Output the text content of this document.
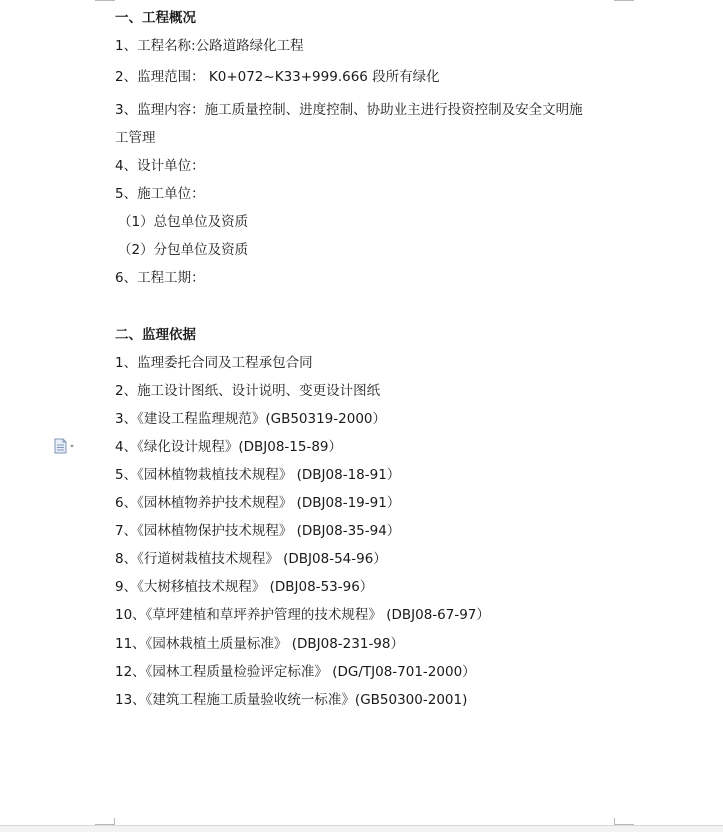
一、工程概况
1、工程名称:公路道路绿化工程
2、监理范围： K0+072~K33+999.666 段所有绿化
3、监理内容：施工质量控制、进度控制、协助业主进行投资控制及安全文明施
工管理
4、设计单位：
5、施工单位：
（1）总包单位及资质
（2）分包单位及资质
6、工程工期：
二、监理依据
1、监理委托合同及工程承包合同
2、施工设计图纸、设计说明、变更设计图纸
3、《建设工程监理规范》(GB50319-2000）
4、《绿化设计规程》(DBJ08-15-89）
5、《园林植物栽植技术规程》 (DBJ08-18-91）
6、《园林植物养护技术规程》 (DBJ08-19-91）
7、《园林植物保护技术规程》 (DBJ08-35-94）
8、《行道树栽植技术规程》 (DBJ08-54-96）
9、《大树移植技术规程》 (DBJ08-53-96）
10、《草坪建植和草坪养护管理的技术规程》 (DBJ08-67-97）
11、《园林栽植土质量标准》 (DBJ08-231-98）
12、《园林工程质量检验评定标准》 (DG/TJ08-701-2000）
13、《建筑工程施工质量验收统一标准》(GB50300-2001)
